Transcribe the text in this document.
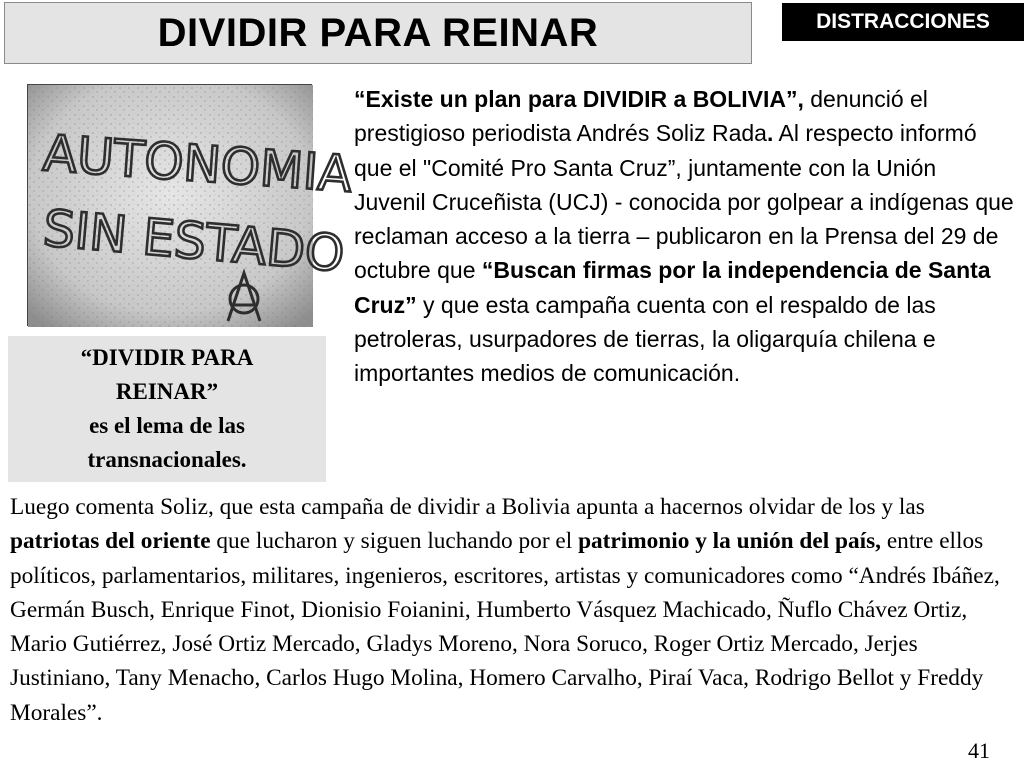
DIVIDIR PARA REINAR	DISTRACCIONES
AUTONOMIA
SIN ESTADO
“DIVIDIR PARA
REINAR”
es el lema de las
transnacionales.
“Existe un plan para DIVIDIR a BOLIVIA”, denunció el prestigioso periodista Andrés Soliz Rada. Al respecto informó que el "Comité Pro Santa Cruz”, juntamente con la Unión Juvenil Cruceñista (UCJ) - conocida por golpear a indígenas que reclaman acceso a la tierra – publicaron en la Prensa del 29 de octubre que “Buscan firmas por la independencia de Santa Cruz” y que esta campaña cuenta con el respaldo de las petroleras, usurpadores de tierras, la oligarquía chilena e importantes medios de comunicación.
Luego comenta Soliz, que esta campaña de dividir a Bolivia apunta a hacernos olvidar de los y las patriotas del oriente que lucharon y siguen luchando por el patrimonio y la unión del país, entre ellos políticos, parlamentarios, militares, ingenieros, escritores, artistas y comunicadores como “Andrés Ibáñez, Germán Busch, Enrique Finot, Dionisio Foianini, Humberto Vásquez Machicado, Ñuflo Chávez Ortiz, Mario Gutiérrez, José Ortiz Mercado, Gladys Moreno, Nora Soruco, Roger Ortiz Mercado, Jerjes Justiniano, Tany Menacho, Carlos Hugo Molina, Homero Carvalho, Piraí Vaca, Rodrigo Bellot y Freddy Morales”.
41
